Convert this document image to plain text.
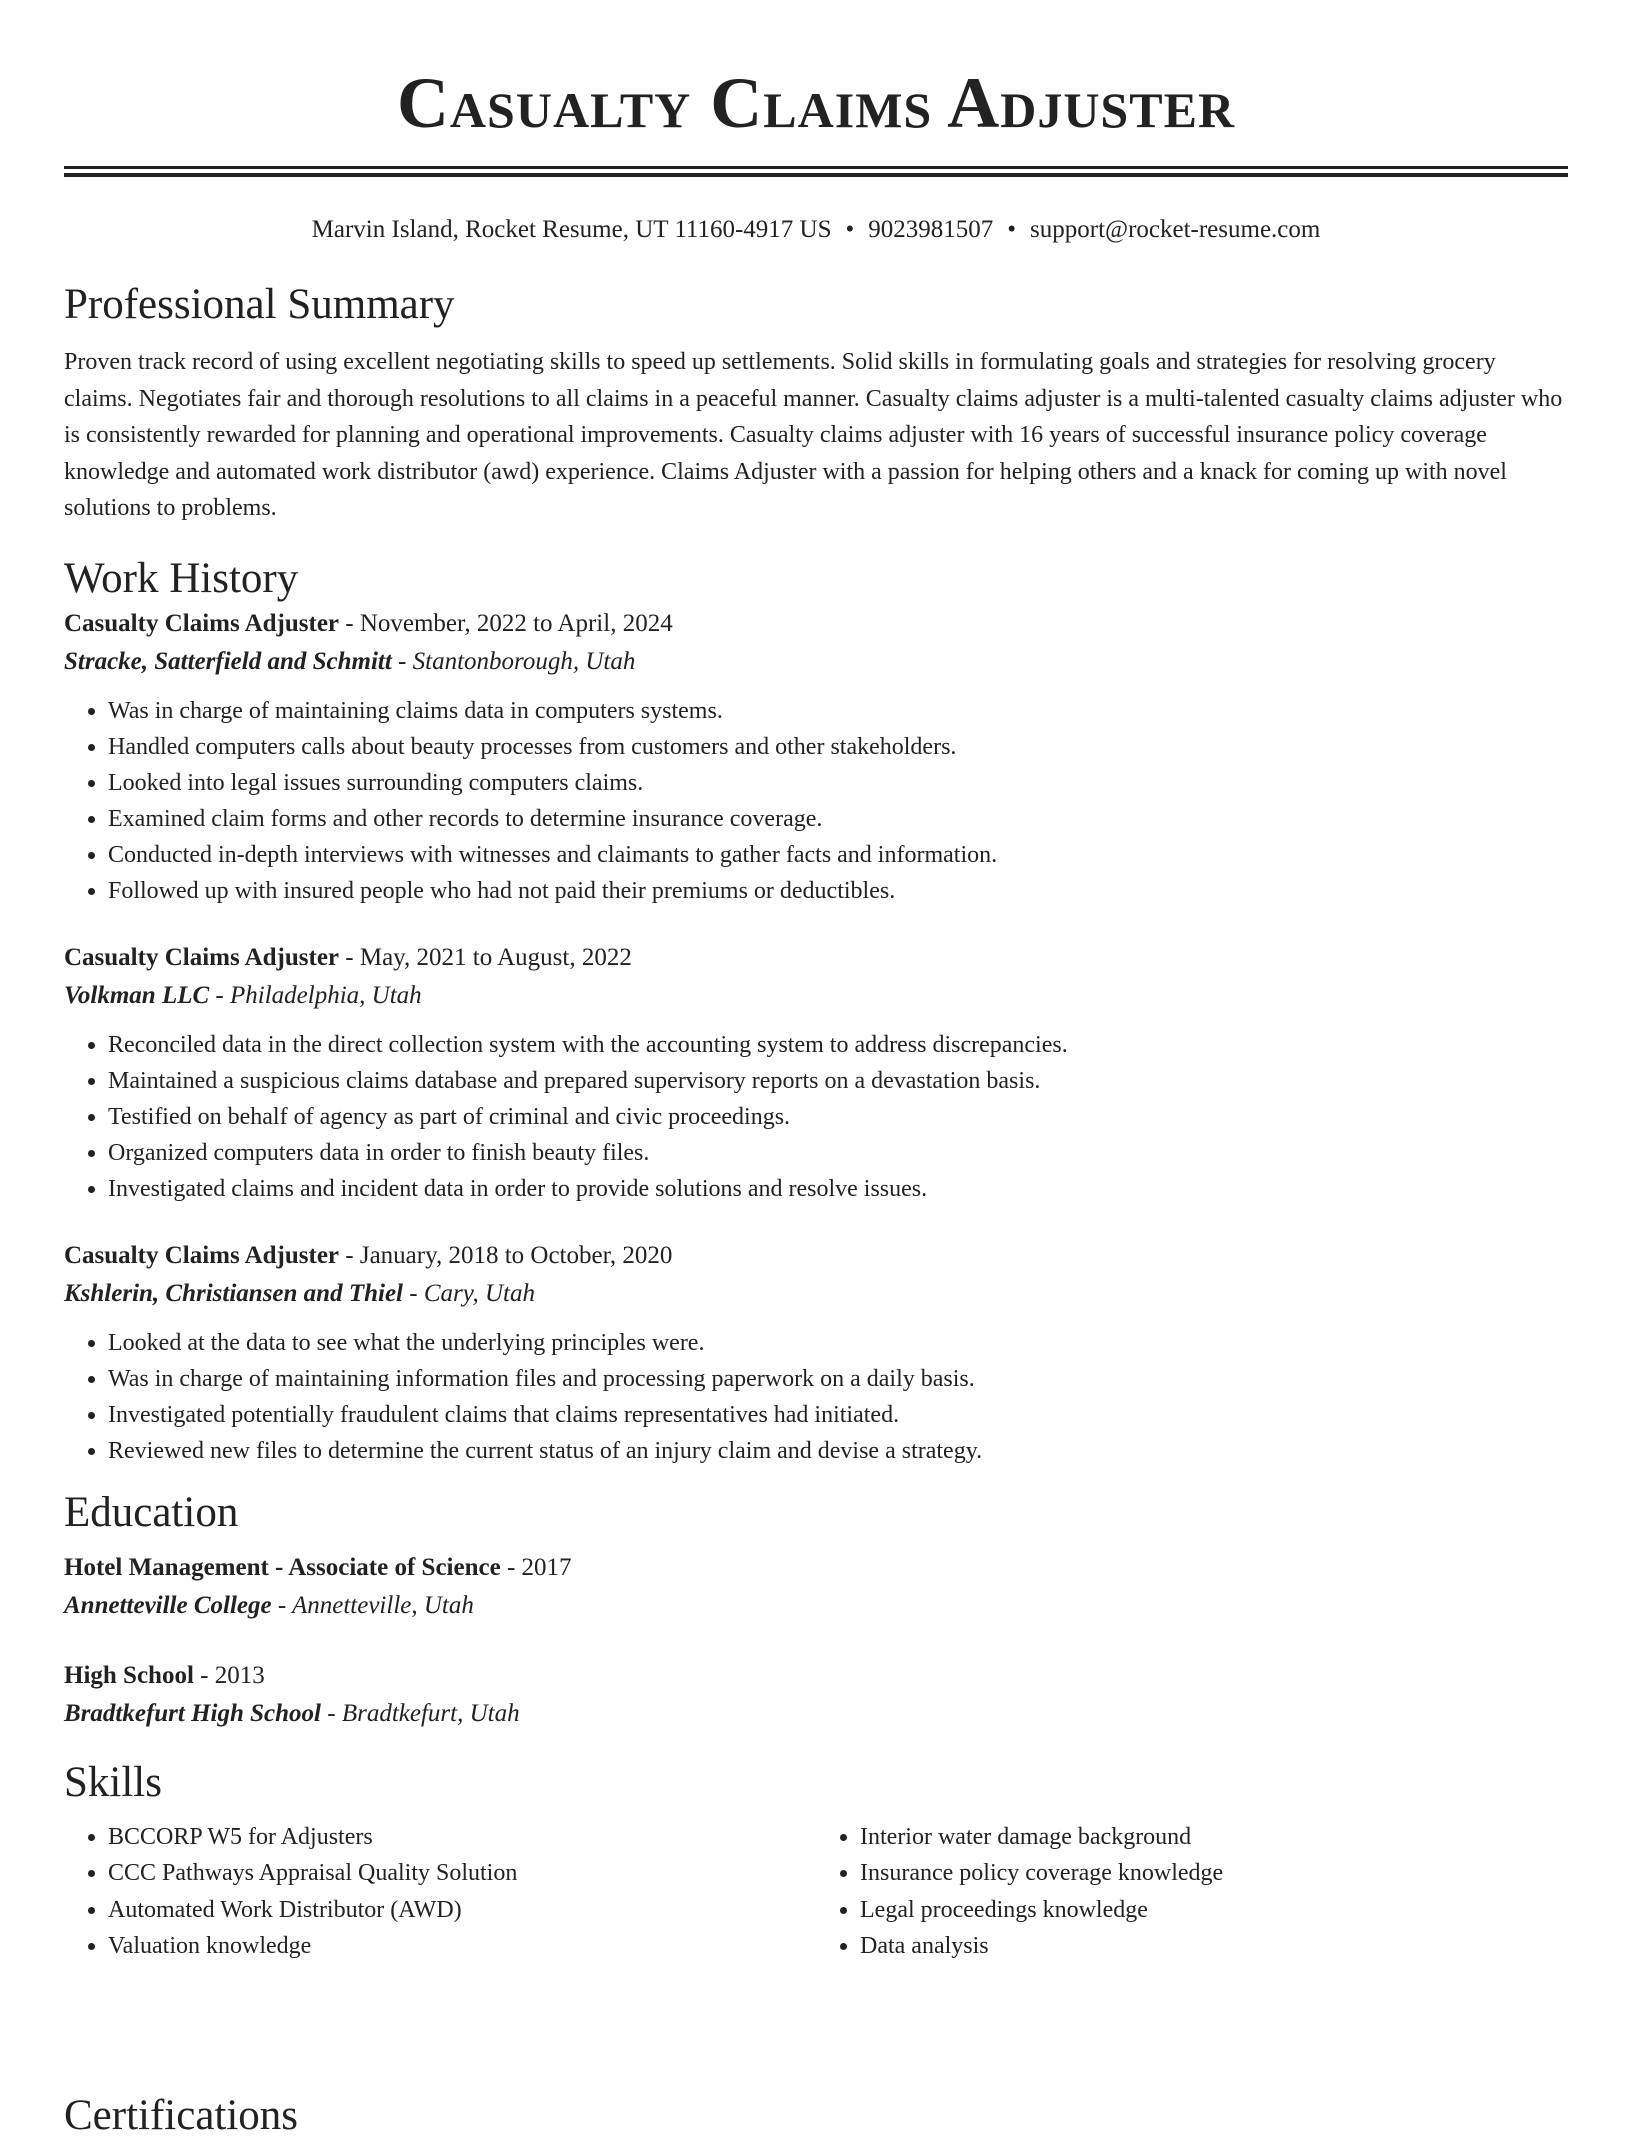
Casualty Claims Adjuster
Marvin Island, Rocket Resume, UT 11160-4917 US • 9023981507 • support@rocket-resume.com
Professional Summary

Proven track record of using excellent negotiating skills to speed up settlements. Solid skills in formulating goals and strategies for resolving grocery claims. Negotiates fair and thorough resolutions to all claims in a peaceful manner. Casualty claims adjuster is a multi-talented casualty claims adjuster who is consistently rewarded for planning and operational improvements. Casualty claims adjuster with 16 years of successful insurance policy coverage knowledge and automated work distributor (awd) experience. Claims Adjuster with a passion for helping others and a knack for coming up with novel solutions to problems.

Work History
Casualty Claims Adjuster - November, 2022 to April, 2024
Stracke, Satterfield and Schmitt - Stantonborough, Utah
• Was in charge of maintaining claims data in computers systems.
• Handled computers calls about beauty processes from customers and other stakeholders.
• Looked into legal issues surrounding computers claims.
• Examined claim forms and other records to determine insurance coverage.
• Conducted in-depth interviews with witnesses and claimants to gather facts and information.
• Followed up with insured people who had not paid their premiums or deductibles.
Casualty Claims Adjuster - May, 2021 to August, 2022
Volkman LLC - Philadelphia, Utah
• Reconciled data in the direct collection system with the accounting system to address discrepancies.
• Maintained a suspicious claims database and prepared supervisory reports on a devastation basis.
• Testified on behalf of agency as part of criminal and civic proceedings.
• Organized computers data in order to finish beauty files.
• Investigated claims and incident data in order to provide solutions and resolve issues.
Casualty Claims Adjuster - January, 2018 to October, 2020
Kshlerin, Christiansen and Thiel - Cary, Utah
• Looked at the data to see what the underlying principles were.
• Was in charge of maintaining information files and processing paperwork on a daily basis.
• Investigated potentially fraudulent claims that claims representatives had initiated.
• Reviewed new files to determine the current status of an injury claim and devise a strategy.
Education
Hotel Management - Associate of Science - 2017
Annetteville College - Annetteville, Utah
High School - 2013
Bradtkefurt High School - Bradtkefurt, Utah
Skills
• BCCORP W5 for Adjusters
• CCC Pathways Appraisal Quality Solution
• Automated Work Distributor (AWD)
• Valuation knowledge
• Interior water damage background
• Insurance policy coverage knowledge
• Legal proceedings knowledge
• Data analysis
Certifications
